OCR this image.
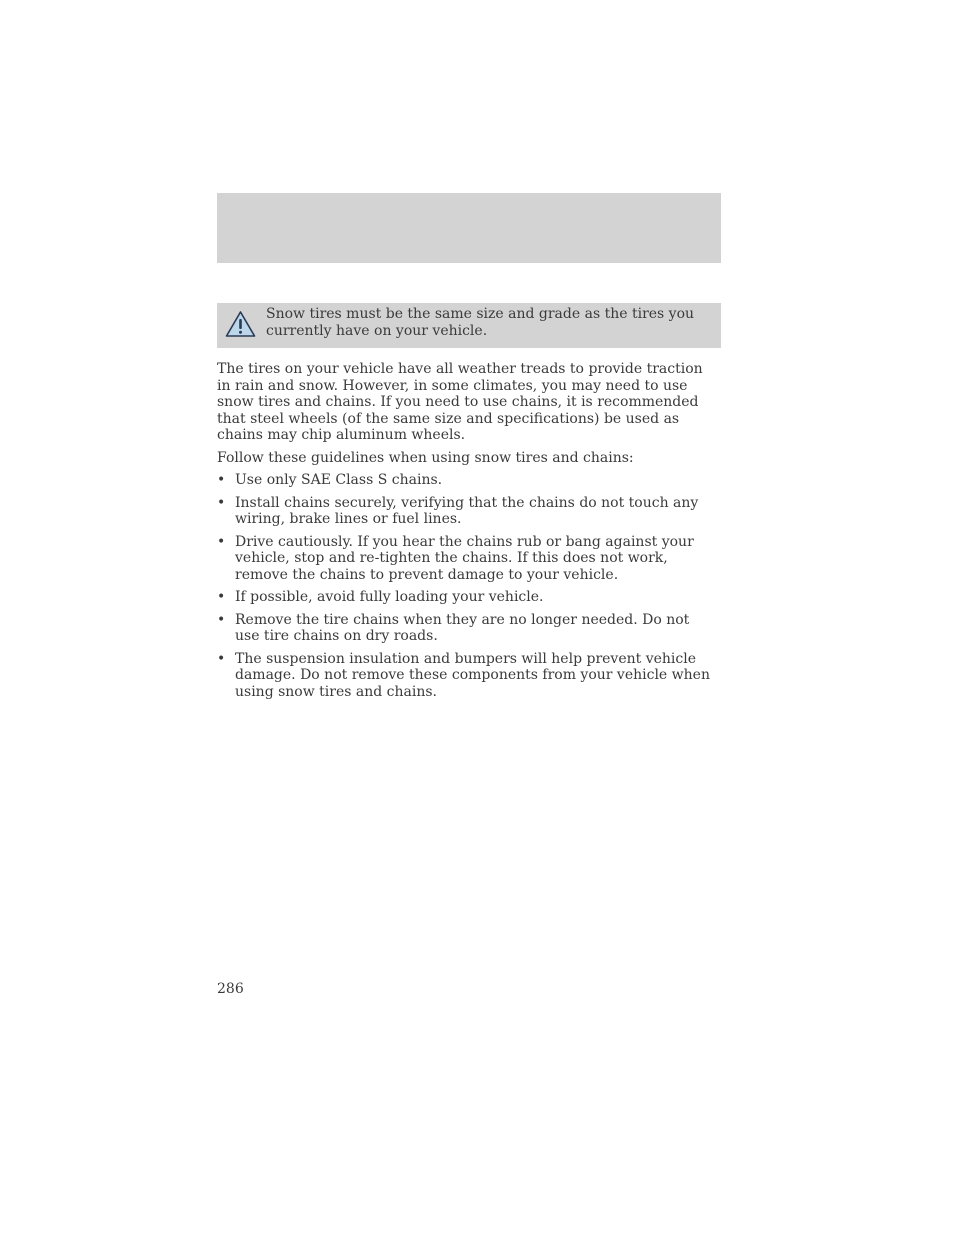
Snow tires must be the same size and grade as the tires you currently have on your vehicle.

The tires on your vehicle have all weather treads to provide traction in rain and snow. However, in some climates, you may need to use snow tires and chains. If you need to use chains, it is recommended that steel wheels (of the same size and specifications) be used as chains may chip aluminum wheels.

Follow these guidelines when using snow tires and chains:

• Use only SAE Class S chains.
• Install chains securely, verifying that the chains do not touch any wiring, brake lines or fuel lines.
• Drive cautiously. If you hear the chains rub or bang against your vehicle, stop and re-tighten the chains. If this does not work, remove the chains to prevent damage to your vehicle.
• If possible, avoid fully loading your vehicle.
• Remove the tire chains when they are no longer needed. Do not use tire chains on dry roads.
• The suspension insulation and bumpers will help prevent vehicle damage. Do not remove these components from your vehicle when using snow tires and chains.
286
